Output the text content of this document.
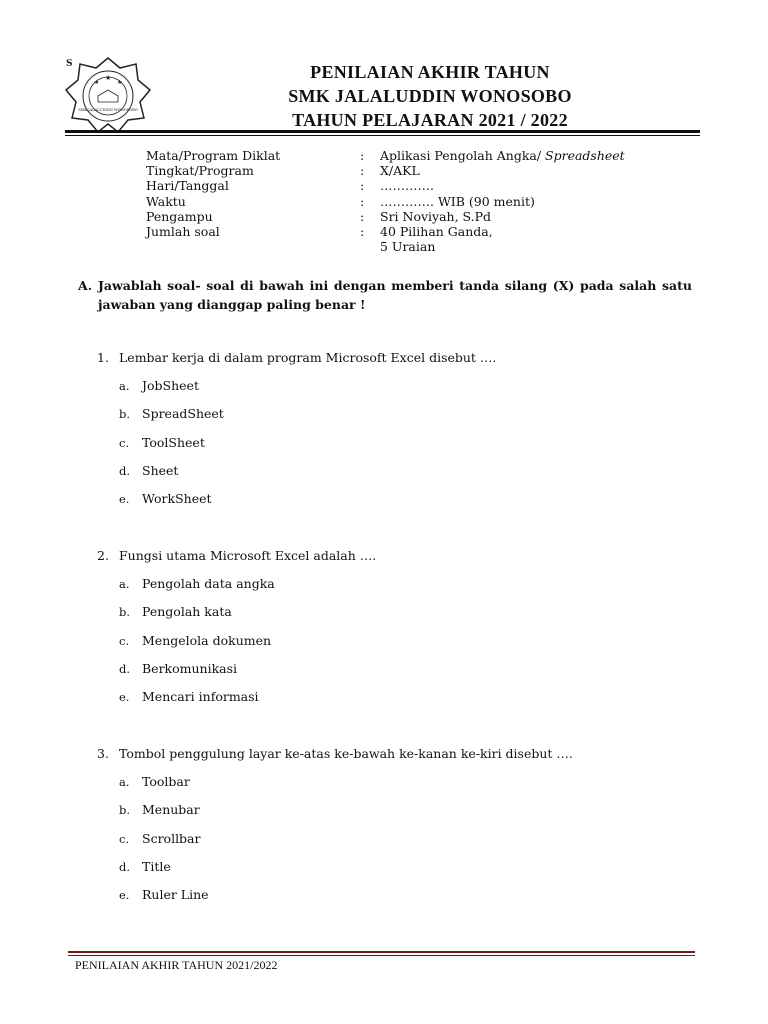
★
★
★
SMK JALALUDDIN WONOSOBO
S	PENILAIAN AKHIR TAHUN
SMK JALALUDDIN WONOSOBO
TAHUN PELAJARAN 2021 / 2022
Mata/Program Diklat	:	Aplikasi Pengolah Angka/ Spreadsheet
Tingkat/Program	:	X/AKL
Hari/Tanggal	:	………….
Waktu	:	…………. WIB (90 menit)
Pengampu	:	Sri Noviyah, S.Pd
Jumlah soal	:	40 Pilihan Ganda,
5 Uraian
A. Jawablah soal- soal di bawah ini dengan memberi tanda silang (X) pada salah satu jawaban yang dianggap paling benar !
1. Lembar kerja di dalam program Microsoft Excel disebut ….
a. JobSheet
b. SpreadSheet
c. ToolSheet
d. Sheet
e. WorkSheet
2. Fungsi utama Microsoft Excel adalah ….
a. Pengolah data angka
b. Pengolah kata
c. Mengelola dokumen
d. Berkomunikasi
e. Mencari informasi
3. Tombol penggulung layar ke-atas ke-bawah ke-kanan ke-kiri disebut ….
a. Toolbar
b. Menubar
c. Scrollbar
d. Title
e. Ruler Line
PENILAIAN AKHIR TAHUN 2021/2022
